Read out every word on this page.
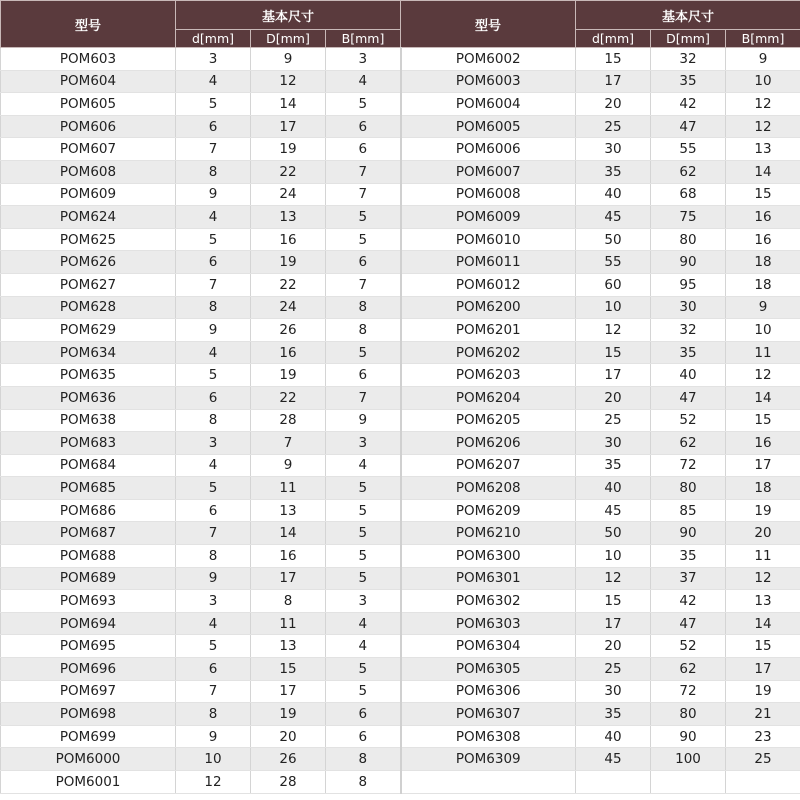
型号	基本尺寸			型号	基本尺寸		
	d[mm]	D[mm]	B[mm]		d[mm]	D[mm]	B[mm]
POM603	3	9	3	POM6002	15	32	9
POM604	4	12	4	POM6003	17	35	10
POM605	5	14	5	POM6004	20	42	12
POM606	6	17	6	POM6005	25	47	12
POM607	7	19	6	POM6006	30	55	13
POM608	8	22	7	POM6007	35	62	14
POM609	9	24	7	POM6008	40	68	15
POM624	4	13	5	POM6009	45	75	16
POM625	5	16	5	POM6010	50	80	16
POM626	6	19	6	POM6011	55	90	18
POM627	7	22	7	POM6012	60	95	18
POM628	8	24	8	POM6200	10	30	9
POM629	9	26	8	POM6201	12	32	10
POM634	4	16	5	POM6202	15	35	11
POM635	5	19	6	POM6203	17	40	12
POM636	6	22	7	POM6204	20	47	14
POM638	8	28	9	POM6205	25	52	15
POM683	3	7	3	POM6206	30	62	16
POM684	4	9	4	POM6207	35	72	17
POM685	5	11	5	POM6208	40	80	18
POM686	6	13	5	POM6209	45	85	19
POM687	7	14	5	POM6210	50	90	20
POM688	8	16	5	POM6300	10	35	11
POM689	9	17	5	POM6301	12	37	12
POM693	3	8	3	POM6302	15	42	13
POM694	4	11	4	POM6303	17	47	14
POM695	5	13	4	POM6304	20	52	15
POM696	6	15	5	POM6305	25	62	17
POM697	7	17	5	POM6306	30	72	19
POM698	8	19	6	POM6307	35	80	21
POM699	9	20	6	POM6308	40	90	23
POM6000	10	26	8	POM6309	45	100	25
POM6001	12	28	8				
